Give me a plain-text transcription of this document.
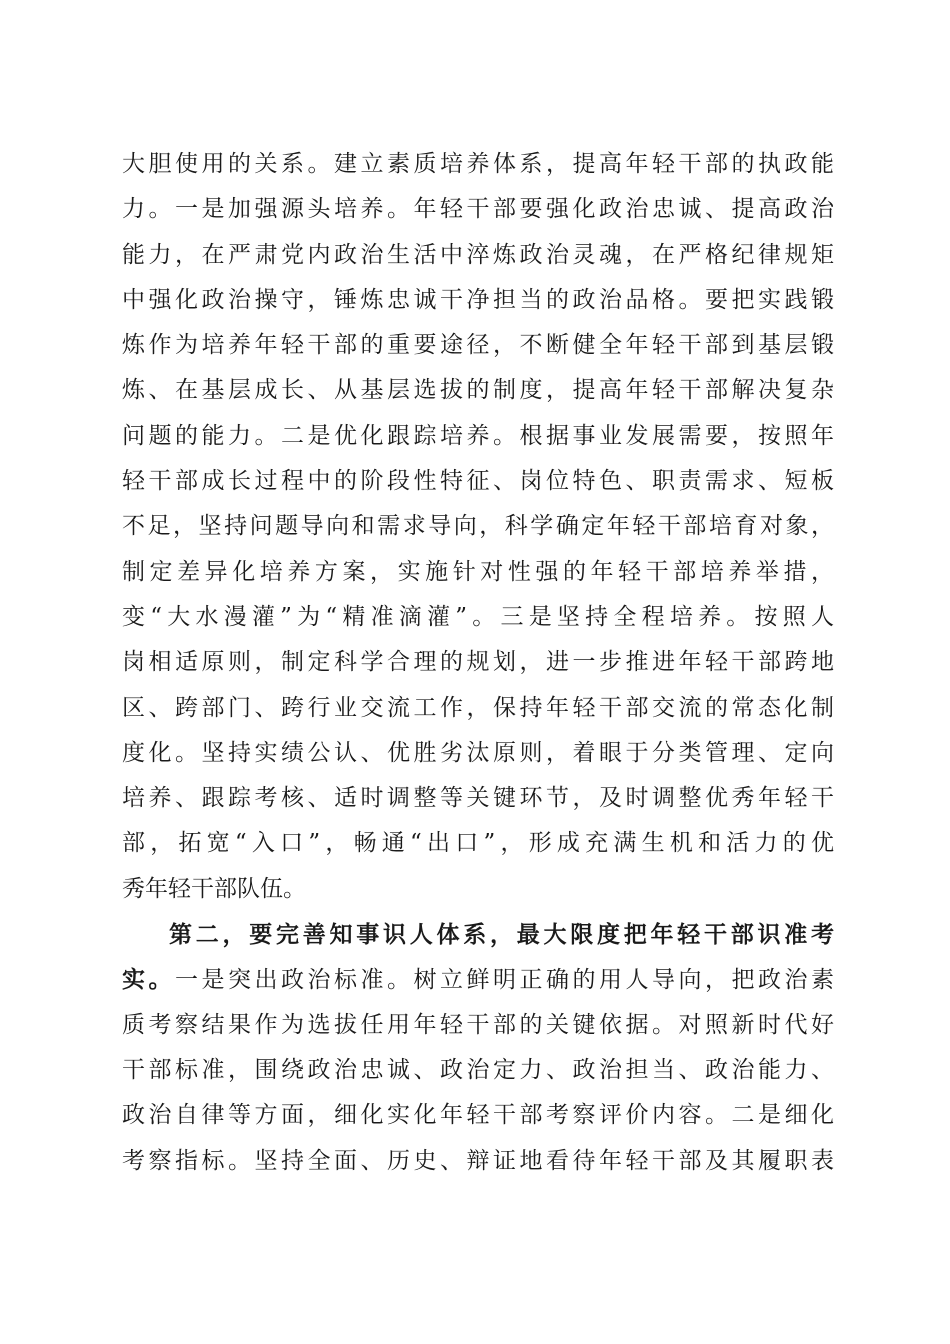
大胆使用的关系。建立素质培养体系，提高年轻干部的执政能
力。一是加强源头培养。年轻干部要强化政治忠诚、提高政治
能力，在严肃党内政治生活中淬炼政治灵魂，在严格纪律规矩
中强化政治操守，锤炼忠诚干净担当的政治品格。要把实践锻
炼作为培养年轻干部的重要途径，不断健全年轻干部到基层锻
炼、在基层成长、从基层选拔的制度，提高年轻干部解决复杂
问题的能力。二是优化跟踪培养。根据事业发展需要，按照年
轻干部成长过程中的阶段性特征、岗位特色、职责需求、短板
不足，坚持问题导向和需求导向，科学确定年轻干部培育对象，
制定差异化培养方案，实施针对性强的年轻干部培养举措，
变“大水漫灌”为“精准滴灌”。三是坚持全程培养。按照人
岗相适原则，制定科学合理的规划，进一步推进年轻干部跨地
区、跨部门、跨行业交流工作，保持年轻干部交流的常态化制
度化。坚持实绩公认、优胜劣汰原则，着眼于分类管理、定向
培养、跟踪考核、适时调整等关键环节，及时调整优秀年轻干
部，拓宽“入口”，畅通“出口”，形成充满生机和活力的优
秀年轻干部队伍。
第二，要完善知事识人体系，最大限度把年轻干部识准考
实。一是突出政治标准。树立鲜明正确的用人导向，把政治素
质考察结果作为选拔任用年轻干部的关键依据。对照新时代好
干部标准，围绕政治忠诚、政治定力、政治担当、政治能力、
政治自律等方面，细化实化年轻干部考察评价内容。二是细化
考察指标。坚持全面、历史、辩证地看待年轻干部及其履职表
